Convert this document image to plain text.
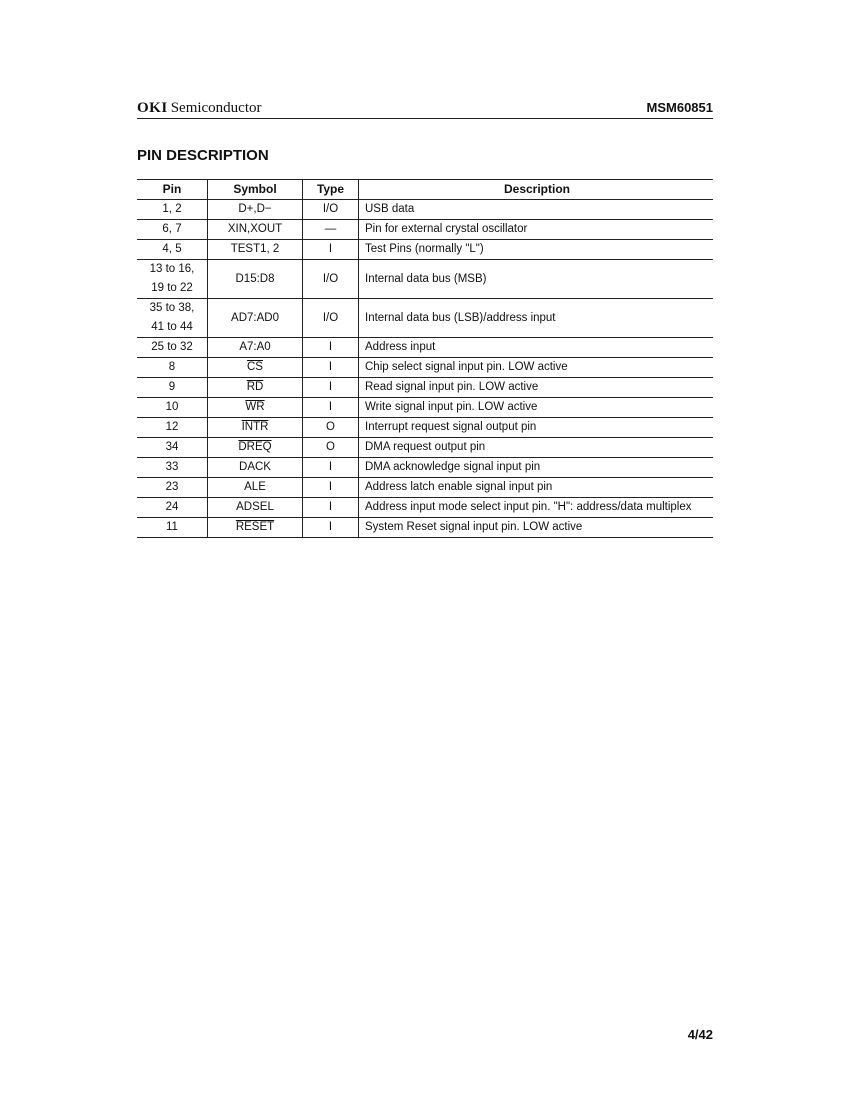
OKI Semiconductor	MSM60851
PIN DESCRIPTION
Pin	Symbol	Type	Description

1, 2	D+,D−	I/O	USB data

6, 7	XIN,XOUT	—	Pin for external crystal oscillator

4, 5	TEST1, 2	I	Test Pins (normally "L")

13 to 16,
19 to 22	D15:D8	I/O	Internal data bus (MSB)

35 to 38,
41 to 44	AD7:AD0	I/O	Internal data bus (LSB)/address input

25 to 32	A7:A0	I	Address input

8	$\overline{CS}$	I	Chip select signal input pin. LOW active

9	$\overline{RD}$	I	Read signal input pin. LOW active

10	$\overline{WR}$	I	Write signal input pin. LOW active

12	INTR	O	Interrupt request signal output pin

34	DREQ	O	DMA request output pin

33	DACK	I	DMA acknowledge signal input pin

23	ALE	I	Address latch enable signal input pin

24	ADSEL	I	Address input mode select input pin. "H": address/data multiplex

11	RESET	I	System Reset signal input pin. LOW active
4/42
